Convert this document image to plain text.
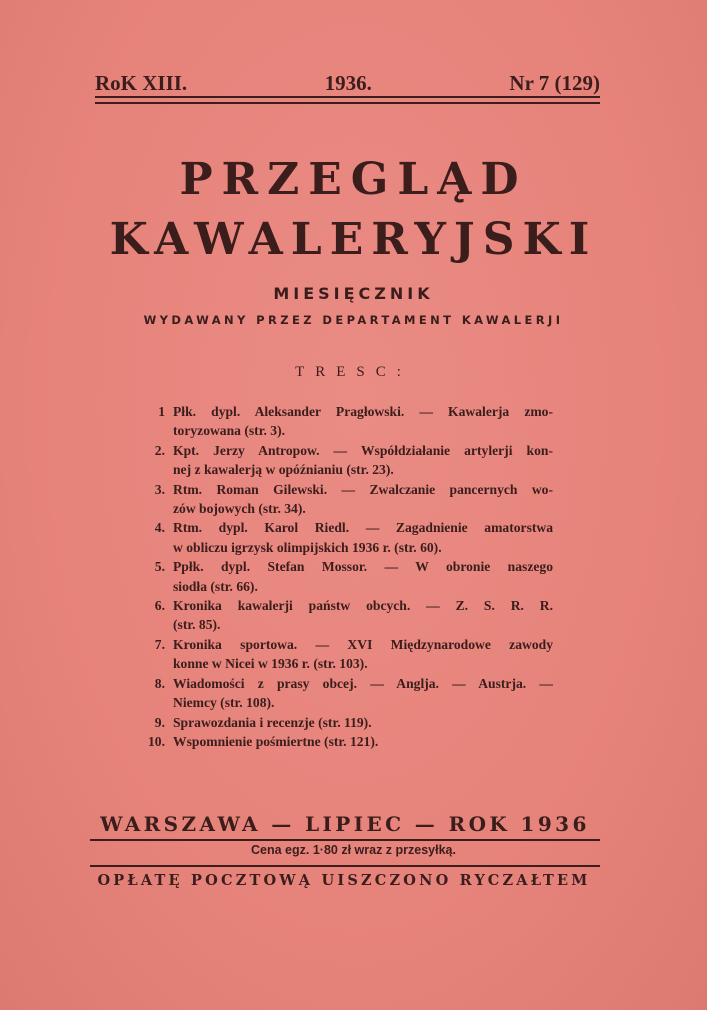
RoK XIII.	1936.	Nr 7 (129)
PRZEGLĄD
KAWALERYJSKI
MIESIĘCZNIK
WYDAWANY PRZEZ DEPARTAMENT KAWALERJI
TRESC:
1 Płk. dypl. Aleksander Pragłowski. — Kawalerja zmo-
toryzowana (str. 3).
2. Kpt. Jerzy Antropow. — Współdziałanie artylerji kon-
nej z kawalerją w opóźnianiu (str. 23).
3. Rtm. Roman Gilewski. — Zwalczanie pancernych wo-
zów bojowych (str. 34).
4. Rtm. dypl. Karol Riedl. — Zagadnienie amatorstwa
w obliczu igrzysk olimpijskich 1936 r. (str. 60).
5. Ppłk. dypl. Stefan Mossor. — W obronie naszego
siodła (str. 66).
6. Kronika kawalerji państw obcych. — Z. S. R. R.
(str. 85).
7. Kronika sportowa. — XVI Międzynarodowe zawody
konne w Nicei w 1936 r. (str. 103).
8. Wiadomości z prasy obcej. — Anglja. — Austrja. —
Niemcy (str. 108).
9. Sprawozdania i recenzje (str. 119).
10. Wspomnienie pośmiertne (str. 121).
WARSZAWA — LIPIEC — ROK 1936
Cena egz. 1·80 zł wraz z przesyłką.
OPŁATĘ POCZTOWĄ UISZCZONO RYCZAŁTEM
